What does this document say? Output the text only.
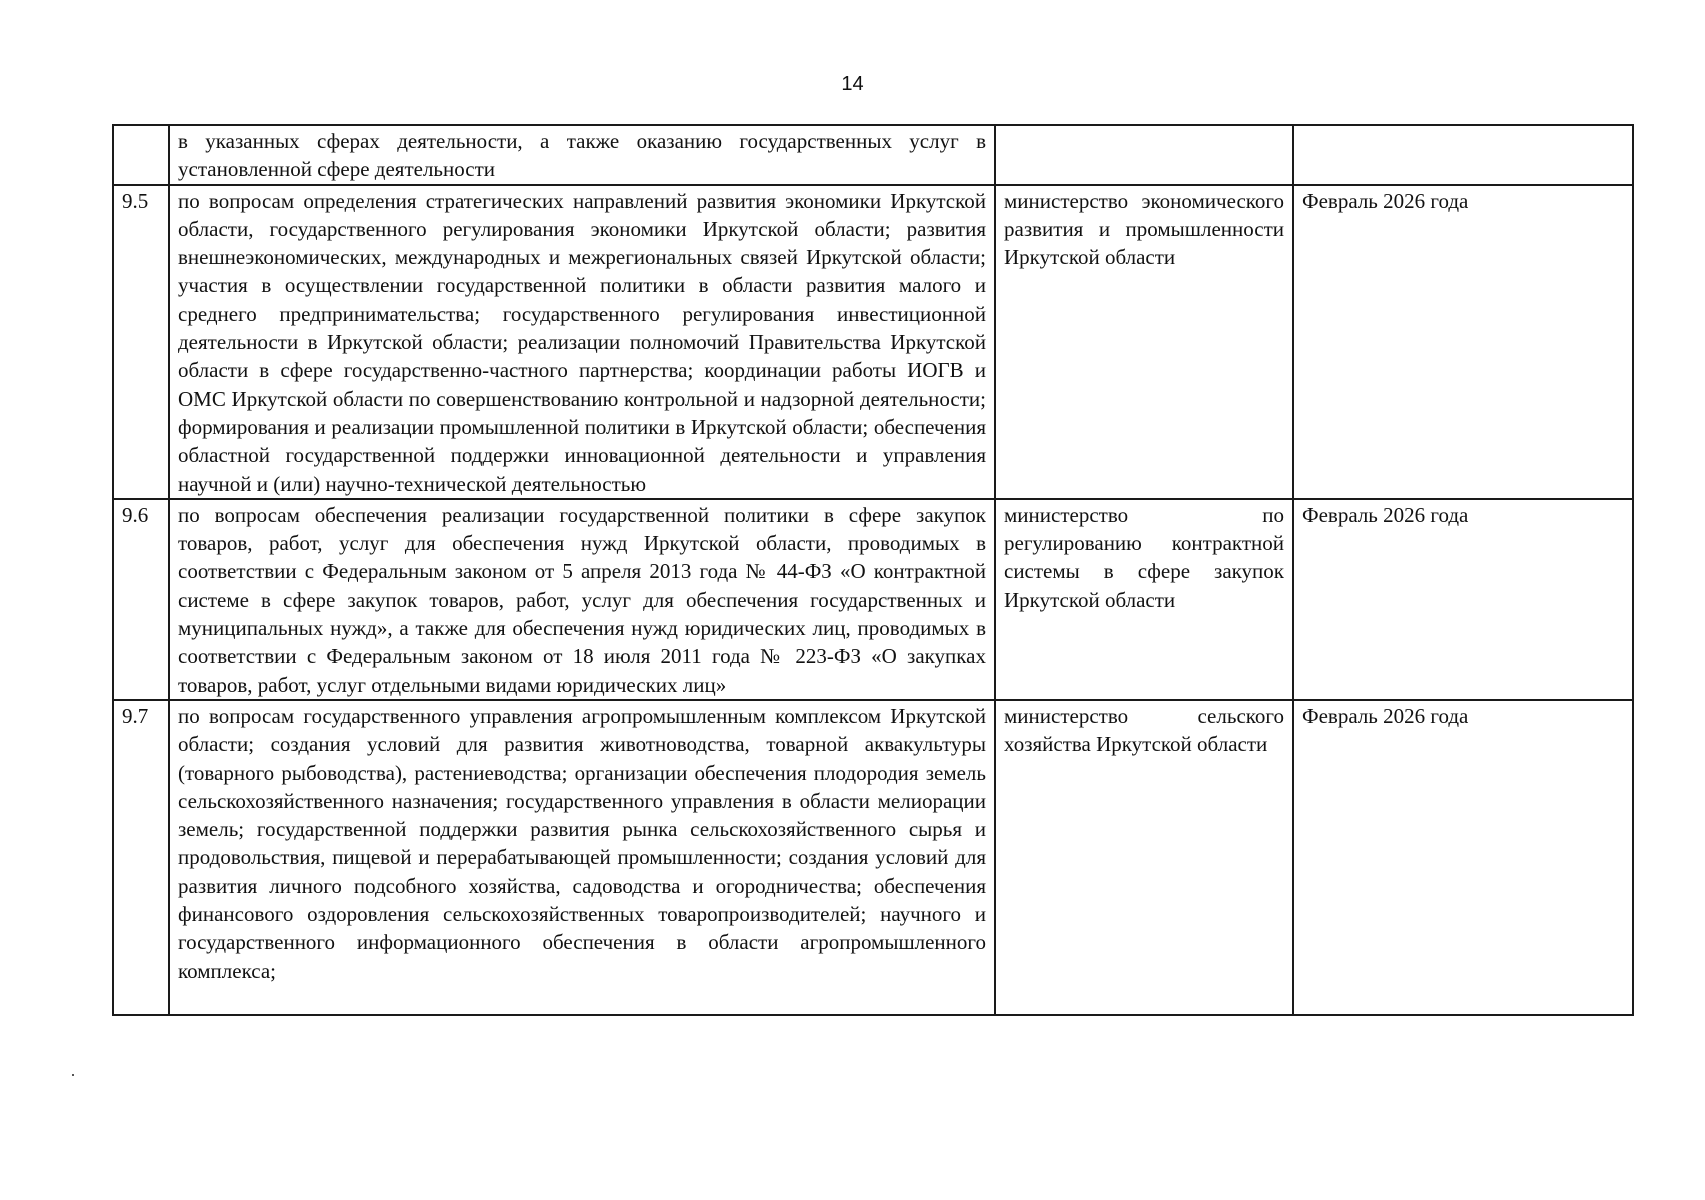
14
	в указанных сферах деятельности, а также оказанию государственных услуг в установленной сфере деятельности		
9.5	по вопросам определения стратегических направлений развития экономики Иркутской области, государственного регулирования экономики Иркутской области; развития внешнеэкономических, международных и межрегиональных связей Иркутской области; участия в осуществлении государственной политики в области развития малого и среднего предпринимательства; государственного регулирования инвестиционной деятельности в Иркутской области; реализации полномочий Правительства Иркутской области в сфере государственно-частного партнерства; координации работы ИОГВ и ОМС Иркутской области по совершенствованию контрольной и надзорной деятельности; формирования и реализации промышленной политики в Иркутской области; обеспечения областной государственной поддержки инновационной деятельности и управления научной и (или) научно-технической деятельностью	министерство экономического развития и промышленности Иркутской области	Февраль 2026 года
9.6	по вопросам обеспечения реализации государственной политики в сфере закупок товаров, работ, услуг для обеспечения нужд Иркутской области, проводимых в соответствии с Федеральным законом от 5 апреля 2013 года № 44-ФЗ «О контрактной системе в сфере закупок товаров, работ, услуг для обеспечения государственных и муниципальных нужд», а также для обеспечения нужд юридических лиц, проводимых в соответствии с Федеральным законом от 18 июля 2011 года № 223-ФЗ «О закупках товаров, работ, услуг отдельными видами юридических лиц»	министерство по регулированию контрактной системы в сфере закупок Иркутской области	Февраль 2026 года
9.7	по вопросам государственного управления агропромышленным комплексом Иркутской области; создания условий для развития животноводства, товарной аквакультуры (товарного рыбоводства), растениеводства; организации обеспечения плодородия земель сельскохозяйственного назначения; государственного управления в области мелиорации земель; государственной поддержки развития рынка сельскохозяйственного сырья и продовольствия, пищевой и перерабатывающей промышленности; создания условий для развития личного подсобного хозяйства, садоводства и огородничества; обеспечения финансового оздоровления сельскохозяйственных товаропроизводителей; научного и государственного информационного обеспечения в области агропромышленного комплекса;	министерство сельского хозяйства Иркутской области	Февраль 2026 года
